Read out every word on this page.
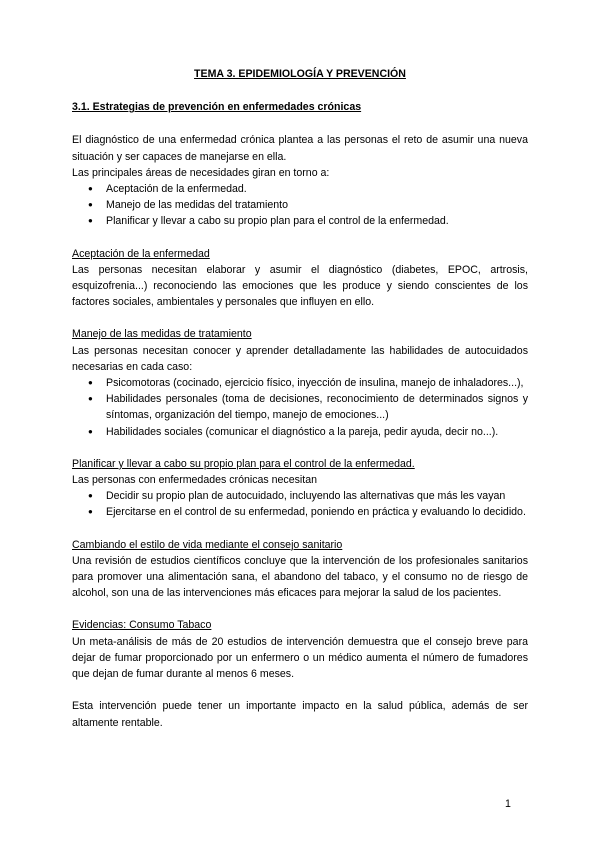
TEMA 3. EPIDEMIOLOGÍA Y PREVENCIÓN

3.1. Estrategias de prevención en enfermedades crónicas

El diagnóstico de una enfermedad crónica plantea a las personas el reto de asumir una nueva situación y ser capaces de manejarse en ella.

Las principales áreas de necesidades giran en torno a:

● Aceptación de la enfermedad.
● Manejo de las medidas del tratamiento
● Planificar y llevar a cabo su propio plan para el control de la enfermedad.

Aceptación de la enfermedad

Las personas necesitan elaborar y asumir el diagnóstico (diabetes, EPOC, artrosis, esquizofrenia...) reconociendo las emociones que les produce y siendo conscientes de los factores sociales, ambientales y personales que influyen en ello.

Manejo de las medidas de tratamiento

Las personas necesitan conocer y aprender detalladamente las habilidades de autocuidados necesarias en cada caso:

● Psicomotoras (cocinado, ejercicio físico, inyección de insulina, manejo de inhaladores...),
● Habilidades personales (toma de decisiones, reconocimiento de determinados signos y síntomas, organización del tiempo, manejo de emociones...)
● Habilidades sociales (comunicar el diagnóstico a la pareja, pedir ayuda, decir no...).

Planificar y llevar a cabo su propio plan para el control de la enfermedad.

Las personas con enfermedades crónicas necesitan

● Decidir su propio plan de autocuidado, incluyendo las alternativas que más les vayan
● Ejercitarse en el control de su enfermedad, poniendo en práctica y evaluando lo decidido.

Cambiando el estilo de vida mediante el consejo sanitario

Una revisión de estudios científicos concluye que la intervención de los profesionales sanitarios para promover una alimentación sana, el abandono del tabaco, y el consumo no de riesgo de alcohol, son una de las intervenciones más eficaces para mejorar la salud de los pacientes.

Evidencias: Consumo Tabaco

Un meta-análisis de más de 20 estudios de intervención demuestra que el consejo breve para dejar de fumar proporcionado por un enfermero o un médico aumenta el número de fumadores que dejan de fumar durante al menos 6 meses.

Esta intervención puede tener un importante impacto en la salud pública, además de ser altamente rentable.

1
